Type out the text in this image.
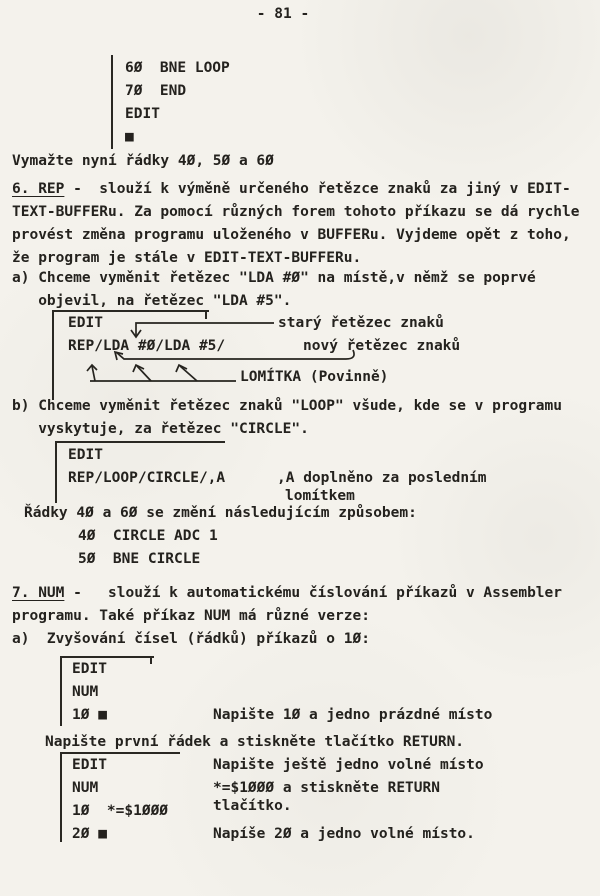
- 81 -
6Ø  BNE LOOP
7Ø  END
EDIT
■
Vymažte nyní řádky 4Ø, 5Ø a 6Ø
6. REP -  slouží k výměně určeného řetězce znaků za jiný v EDIT-
TEXT-BUFFERu. Za pomocí různých forem tohoto příkazu se dá rychle
provést změna programu uloženého v BUFFERu. Vyjdeme opět z toho,
že program je stále v EDIT-TEXT-BUFFERu.
a) Chceme vyměnit řetězec "LDA #Ø" na místě,v němž se poprvé
objevil, na řetězec "LDA #5".
EDIT
REP/LDA #Ø/LDA #5/
starý řetězec znaků
nový řetězec znaků
LOMÍTKA (Povinně)
b) Chceme vyměnit řetězec znaků "LOOP" všude, kde se v programu
vyskytuje, za řetězec "CIRCLE".
EDIT
REP/LOOP/CIRCLE/,A	,A doplněno za posledním
lomítkem
Řádky 4Ø a 6Ø se změní následujícím způsobem:
4Ø  CIRCLE ADC 1
5Ø  BNE CIRCLE
7. NUM -   slouží k automatickému číslování příkazů v Assembler
programu. Také příkaz NUM má různé verze:
a)  Zvyšování čísel (řádků) příkazů o 1Ø:
EDIT
NUM
1Ø ■	Napište 1Ø a jedno prázdné místo
Napište první řádek a stiskněte tlačítko RETURN.
EDIT
NUM
1Ø  *=$1ØØØ
2Ø ■
Napište ještě jedno volné místo
*=$1ØØØ a stiskněte RETURN
tlačítko.
Napíše 2Ø a jedno volné místo.
